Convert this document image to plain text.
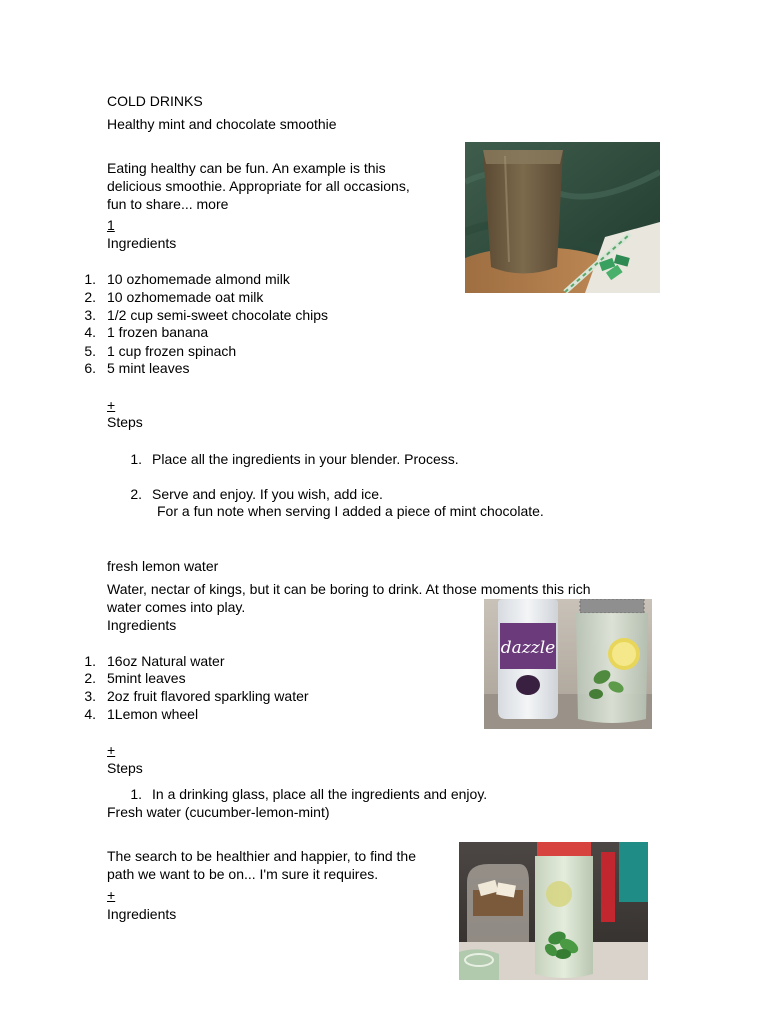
COLD DRINKS
Healthy mint and chocolate smoothie
Eating healthy can be fun. An example is this
delicious smoothie. Appropriate for all occasions,
fun to share... more
1
Ingredients
1. 10 ozhomemade almond milk
2. 10 ozhomemade oat milk
3. 1/2 cup semi-sweet chocolate chips
4. 1 frozen banana
5. 1 cup frozen spinach
6. 5 mint leaves
+
Steps
1. Place all the ingredients in your blender. Process.
2. Serve and enjoy. If you wish, add ice.
For a fun note when serving I added a piece of mint chocolate.
fresh lemon water
Water, nectar of kings, but it can be boring to drink. At those moments this rich
water comes into play.
Ingredients
1. 16oz Natural water
2. 5mint leaves
3. 2oz fruit flavored sparkling water
4. 1Lemon wheel
+
Steps
1. In a drinking glass, place all the ingredients and enjoy.
dazzle
Fresh water (cucumber-lemon-mint)
The search to be healthier and happier, to find the
path we want to be on... I'm sure it requires.
+
Ingredients
